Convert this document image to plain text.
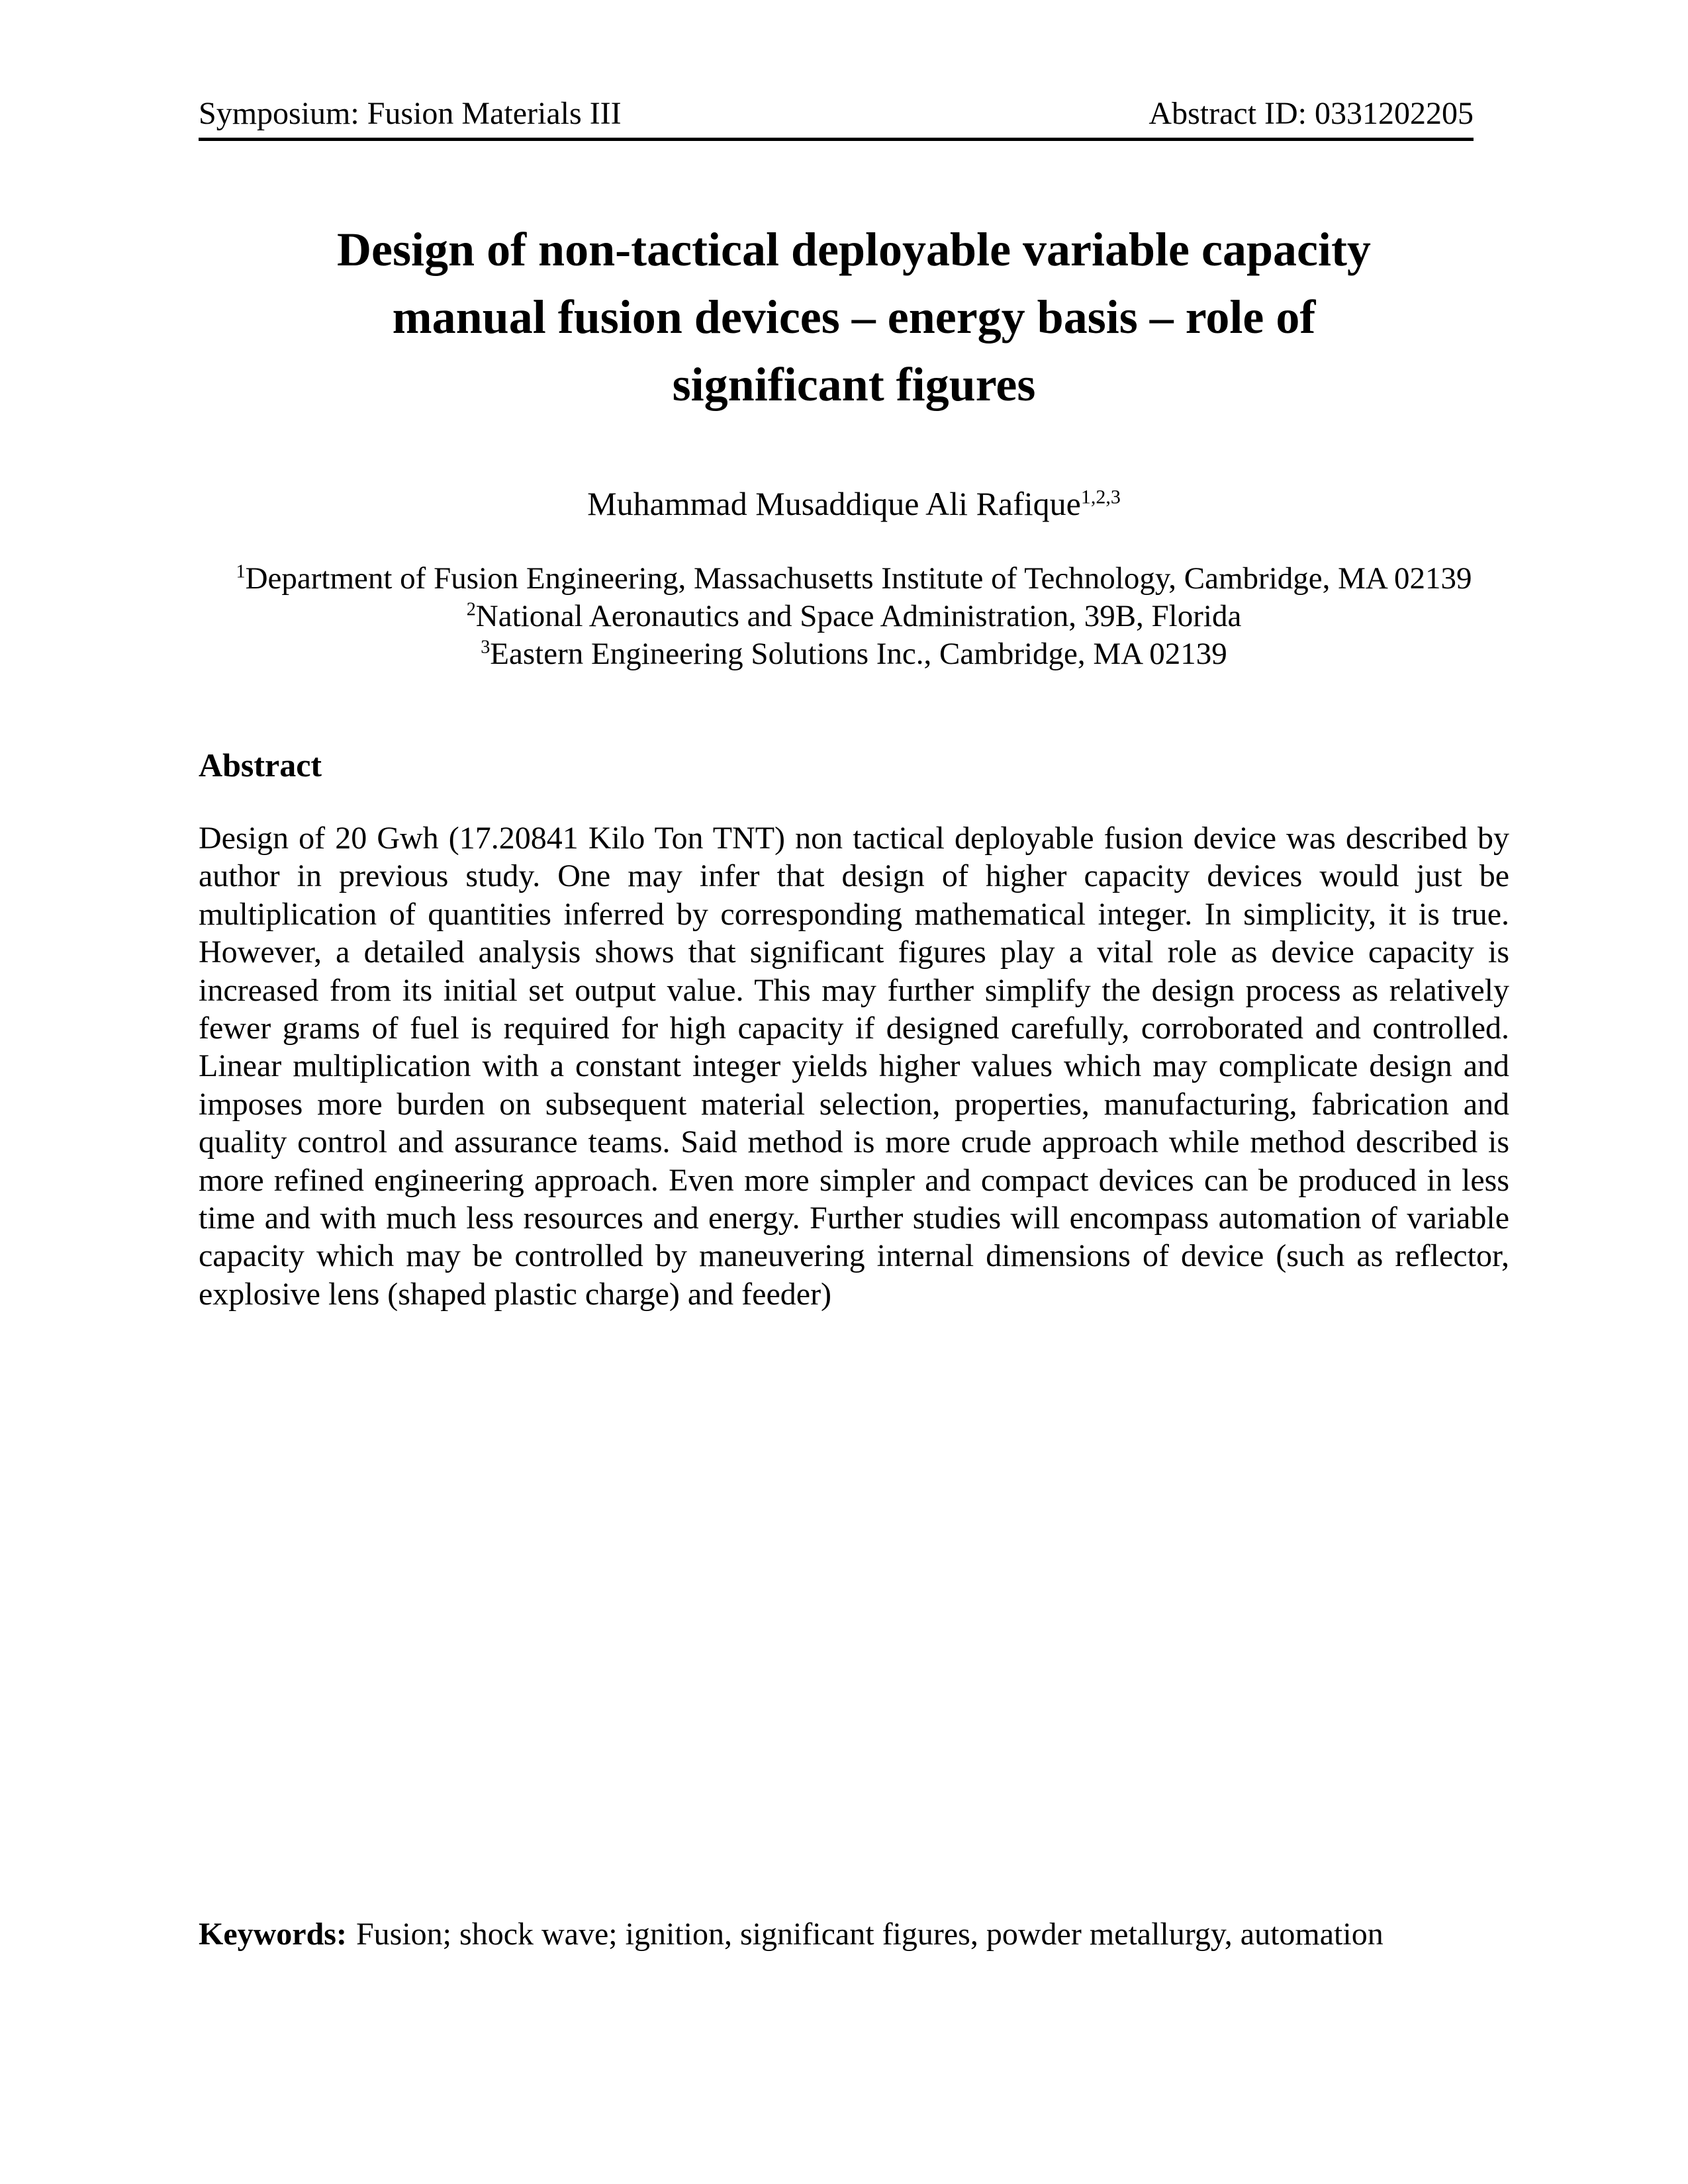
Symposium: Fusion Materials III	Abstract ID: 0331202205
Design of non-tactical deployable variable capacity
manual fusion devices – energy basis – role of
significant figures
Muhammad Musaddique Ali Rafique$^{1,2,3}$
$^1$Department of Fusion Engineering, Massachusetts Institute of Technology, Cambridge, MA 02139
$^2$National Aeronautics and Space Administration, 39B, Florida
$^3$Eastern Engineering Solutions Inc., Cambridge, MA 02139
Abstract
Design of 20 Gwh (17.20841 Kilo Ton TNT) non tactical deployable fusion device was described by author in previous study. One may infer that design of higher capacity devices would just be multiplication of quantities inferred by corresponding mathematical integer. In simplicity, it is true. However, a detailed analysis shows that significant figures play a vital role as device capacity is increased from its initial set output value. This may further simplify the design process as relatively fewer grams of fuel is required for high capacity if designed carefully, corroborated and controlled. Linear multiplication with a constant integer yields higher values which may complicate design and imposes more burden on subsequent material selection, properties, manufacturing, fabrication and quality control and assurance teams. Said method is more crude approach while method described is more refined engineering approach. Even more simpler and compact devices can be produced in less time and with much less resources and energy. Further studies will encompass automation of variable capacity which may be controlled by maneuvering internal dimensions of device (such as reflector, explosive lens (shaped plastic charge) and feeder)
Keywords: Fusion; shock wave; ignition, significant figures, powder metallurgy, automation
